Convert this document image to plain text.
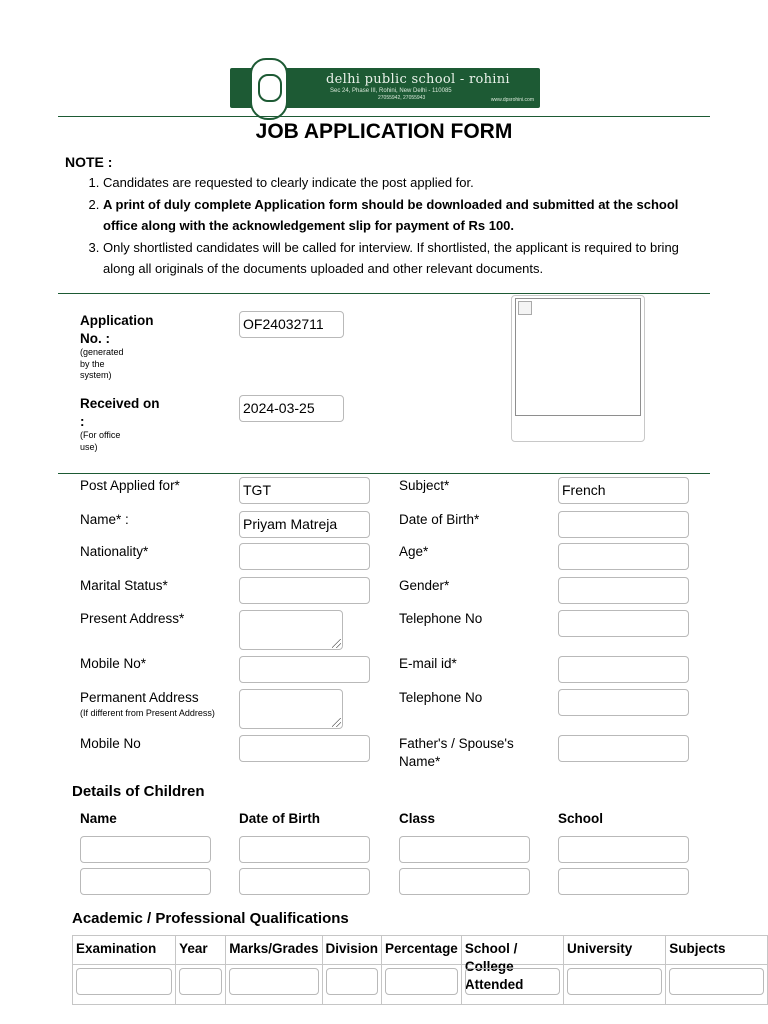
delhi public school - rohini
Sec 24, Phase III, Rohini, New Delhi - 110085
27055942, 27055943	www.dpsrohini.com
JOB APPLICATION FORM
NOTE :
1. Candidates are requested to clearly indicate the post applied for.
2. A print of duly complete Application form should be downloaded and submitted at the school office along with the acknowledgement slip for payment of Rs 100.
3. Only shortlisted candidates will be called for interview. If shortlisted, the applicant is required to bring along all originals of the documents uploaded and other relevant documents.
Application No. :
(generated by the system)
OF24032711
Received on :
(For office use)
2024-03-25
Post Applied for*	TGT	Subject*	French
Name* :	Priyam Matreja	Date of Birth*
Nationality*	Age*
Marital Status*	Gender*
Present Address*	Telephone No
Mobile No*	E-mail id*
Permanent Address
(If different from Present Address)
Telephone No
Mobile No	Father's / Spouse's Name*
Details of Children
Name	Date of Birth	Class	School
Academic / Professional Qualifications
Examination	Year	Marks/Grades	Division	Percentage	School / College Attended	University	Subjects
